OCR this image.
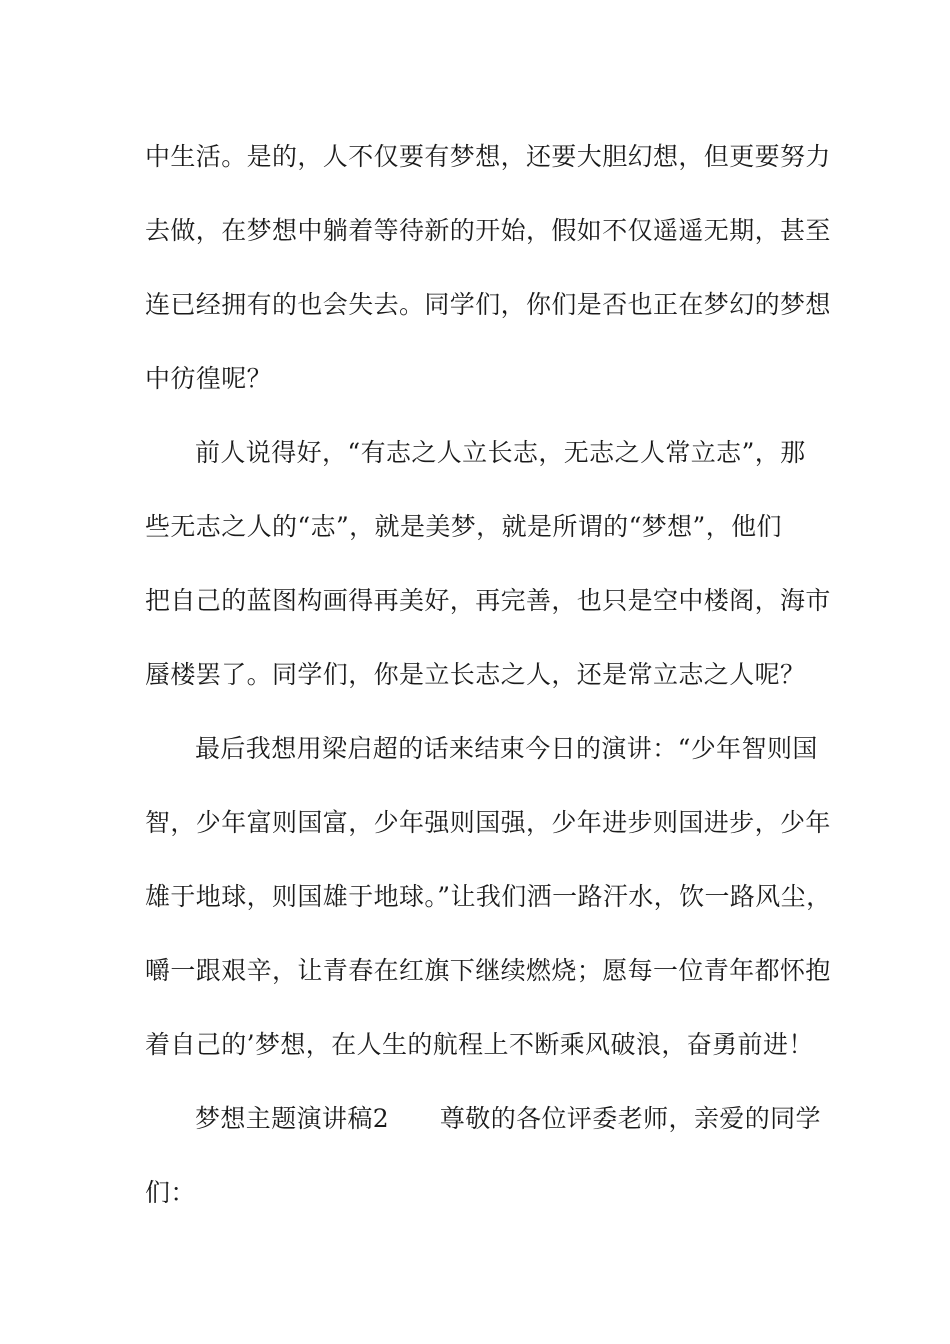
中生活。是的，人不仅要有梦想，还要大胆幻想，但更要努力
去做，在梦想中躺着等待新的开始，假如不仅遥遥无期，甚至
连已经拥有的也会失去。同学们，你们是否也正在梦幻的梦想
中彷徨呢？
前人说得好，“有志之人立长志，无志之人常立志”，那
些无志之人的“志”，就是美梦，就是所谓的“梦想”，他们
把自己的蓝图构画得再美好，再完善，也只是空中楼阁，海市
蜃楼罢了。同学们，你是立长志之人，还是常立志之人呢？
最后我想用梁启超的话来结束今日的演讲：“少年智则国
智，少年富则国富，少年强则国强，少年进步则国进步，少年
雄于地球，则国雄于地球。”让我们洒一路汗水，饮一路风尘，
嚼一跟艰辛，让青春在红旗下继续燃烧；愿每一位青年都怀抱
着自己的’梦想，在人生的航程上不断乘风破浪，奋勇前进！
梦想主题演讲稿2　　尊敬的各位评委老师，亲爱的同学
们：
